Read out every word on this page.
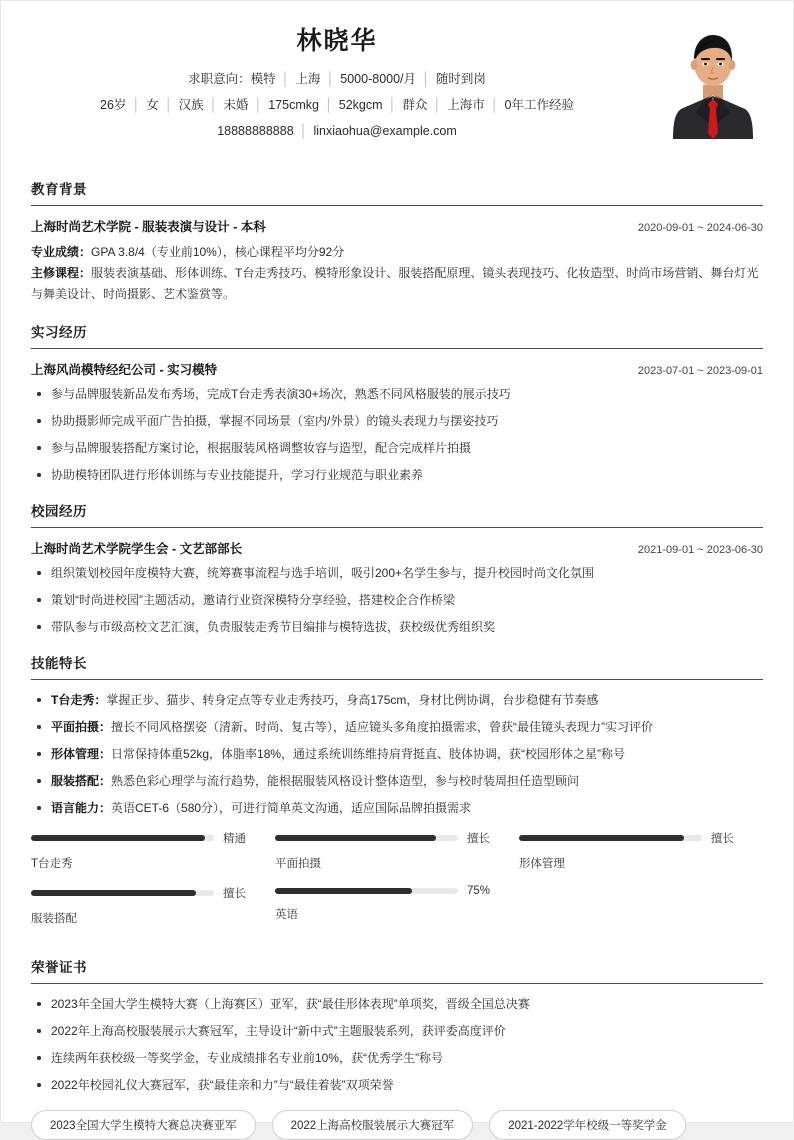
林晓华
求职意向：模特 │ 上海 │ 5000-8000/月 │ 随时到岗
26岁 │ 女 │ 汉族 │ 未婚 │ 175cmkg │ 52kgcm │ 群众 │ 上海市 │ 0年工作经验
18888888888 │ linxiaohua@example.com
教育背景
上海时尚艺术学院 - 服装表演与设计 - 本科	2020-09-01 ~ 2024-06-30
专业成绩：GPA 3.8/4（专业前10%），核心课程平均分92分
主修课程：服装表演基础、形体训练、T台走秀技巧、模特形象设计、服装搭配原理、镜头表现技巧、化妆造型、时尚市场营销、舞台灯光与舞美设计、时尚摄影、艺术鉴赏等。
实习经历
上海风尚模特经纪公司 - 实习模特	2023-07-01 ~ 2023-09-01
参与品牌服装新品发布秀场，完成T台走秀表演30+场次，熟悉不同风格服装的展示技巧
协助摄影师完成平面广告拍摄，掌握不同场景（室内/外景）的镜头表现力与摆姿技巧
参与品牌服装搭配方案讨论，根据服装风格调整妆容与造型，配合完成样片拍摄
协助模特团队进行形体训练与专业技能提升，学习行业规范与职业素养
校园经历
上海时尚艺术学院学生会 - 文艺部部长	2021-09-01 ~ 2023-06-30
组织策划校园年度模特大赛，统筹赛事流程与选手培训，吸引200+名学生参与，提升校园时尚文化氛围
策划“时尚进校园”主题活动，邀请行业资深模特分享经验，搭建校企合作桥梁
带队参与市级高校文艺汇演，负责服装走秀节目编排与模特选拔，获校级优秀组织奖
技能特长
T台走秀：掌握正步、猫步、转身定点等专业走秀技巧，身高175cm，身材比例协调，台步稳健有节奏感
平面拍摄：擅长不同风格摆姿（清新、时尚、复古等），适应镜头多角度拍摄需求，曾获“最佳镜头表现力”实习评价
形体管理：日常保持体重52kg，体脂率18%，通过系统训练维持肩背挺直、肢体协调，获“校园形体之星”称号
服装搭配：熟悉色彩心理学与流行趋势，能根据服装风格设计整体造型，参与校时装周担任造型顾问
语言能力：英语CET-6（580分），可进行简单英文沟通，适应国际品牌拍摄需求
精通
T台走秀
擅长
平面拍摄
擅长
形体管理
擅长
服装搭配
75%
英语
荣誉证书
2023年全国大学生模特大赛（上海赛区）亚军，获“最佳形体表现”单项奖，晋级全国总决赛
2022年上海高校服装展示大赛冠军，主导设计“新中式”主题服装系列，获评委高度评价
连续两年获校级一等奖学金，专业成绩排名专业前10%，获“优秀学生”称号
2022年校园礼仪大赛冠军，获“最佳亲和力”与“最佳着装”双项荣誉
2023全国大学生模特大赛总决赛亚军	2022上海高校服装展示大赛冠军	2021-2022学年校级一等奖学金
